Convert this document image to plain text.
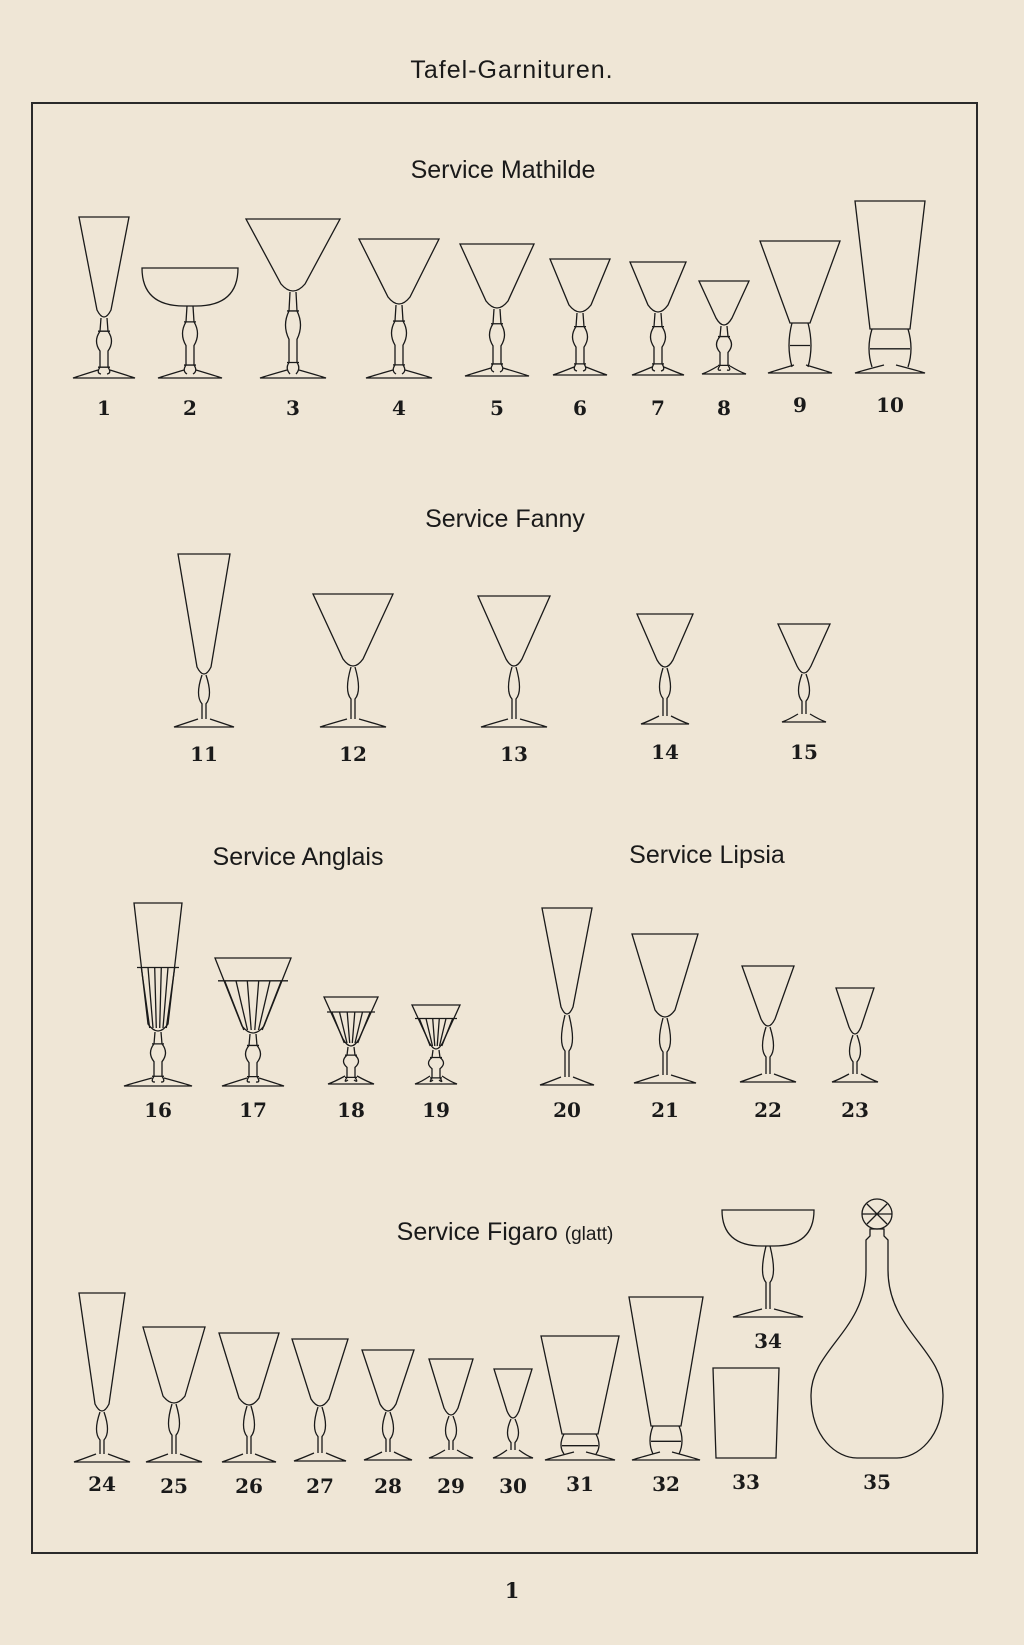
Tafel-Garnituren.
Service Mathilde
Service Fanny
Service Anglais	Service Lipsia
Service Figaro (glatt)
1	2	3	4	5	6	7	8	9	10
11	12	13	14	15
16	17	18	19	20	21	22	23
24 25 26 27 28 29 30 31	32	33
34
35
1
